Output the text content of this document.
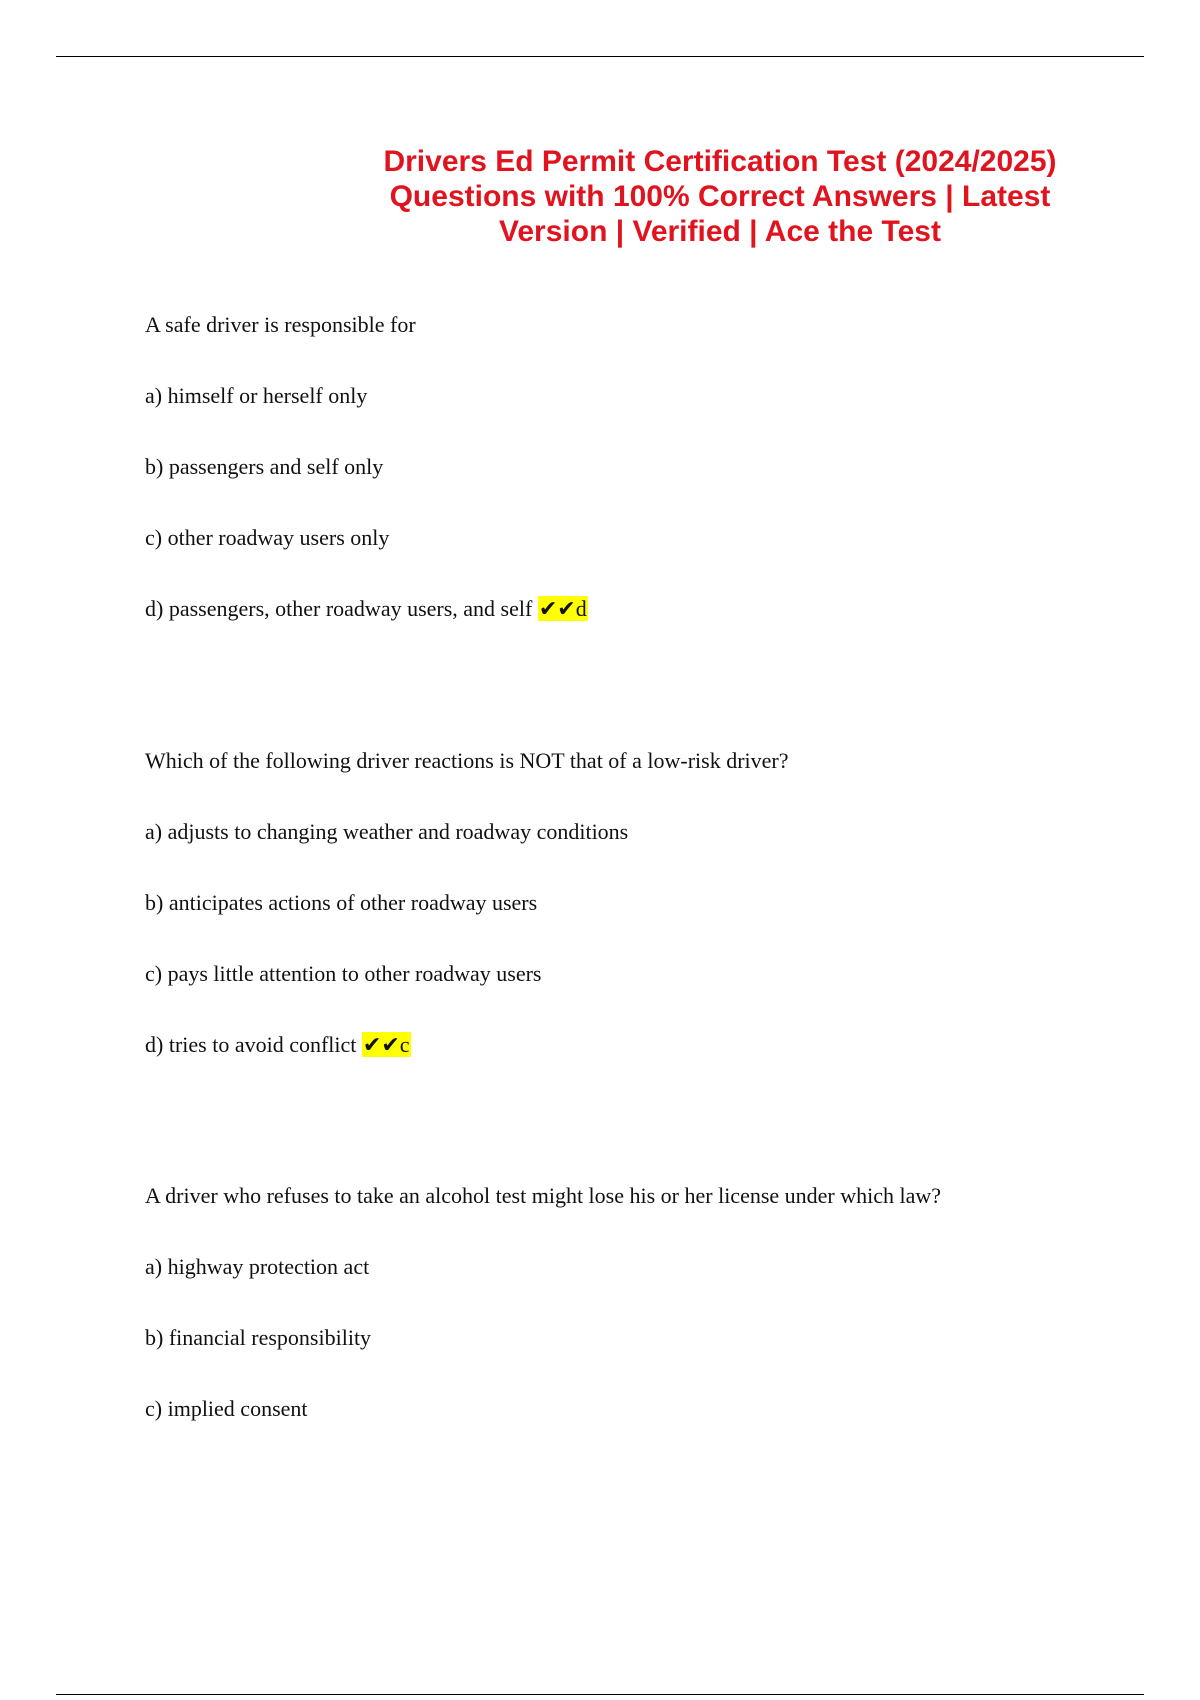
Drivers Ed Permit Certification Test (2024/2025)
Questions with 100% Correct Answers | Latest
Version | Verified | Ace the Test
A safe driver is responsible for
a) himself or herself only
b) passengers and self only
c) other roadway users only
d) passengers, other roadway users, and self ✔✔d
Which of the following driver reactions is NOT that of a low-risk driver?
a) adjusts to changing weather and roadway conditions
b) anticipates actions of other roadway users
c) pays little attention to other roadway users
d) tries to avoid conflict ✔✔c
A driver who refuses to take an alcohol test might lose his or her license under which law?
a) highway protection act
b) financial responsibility
c) implied consent
